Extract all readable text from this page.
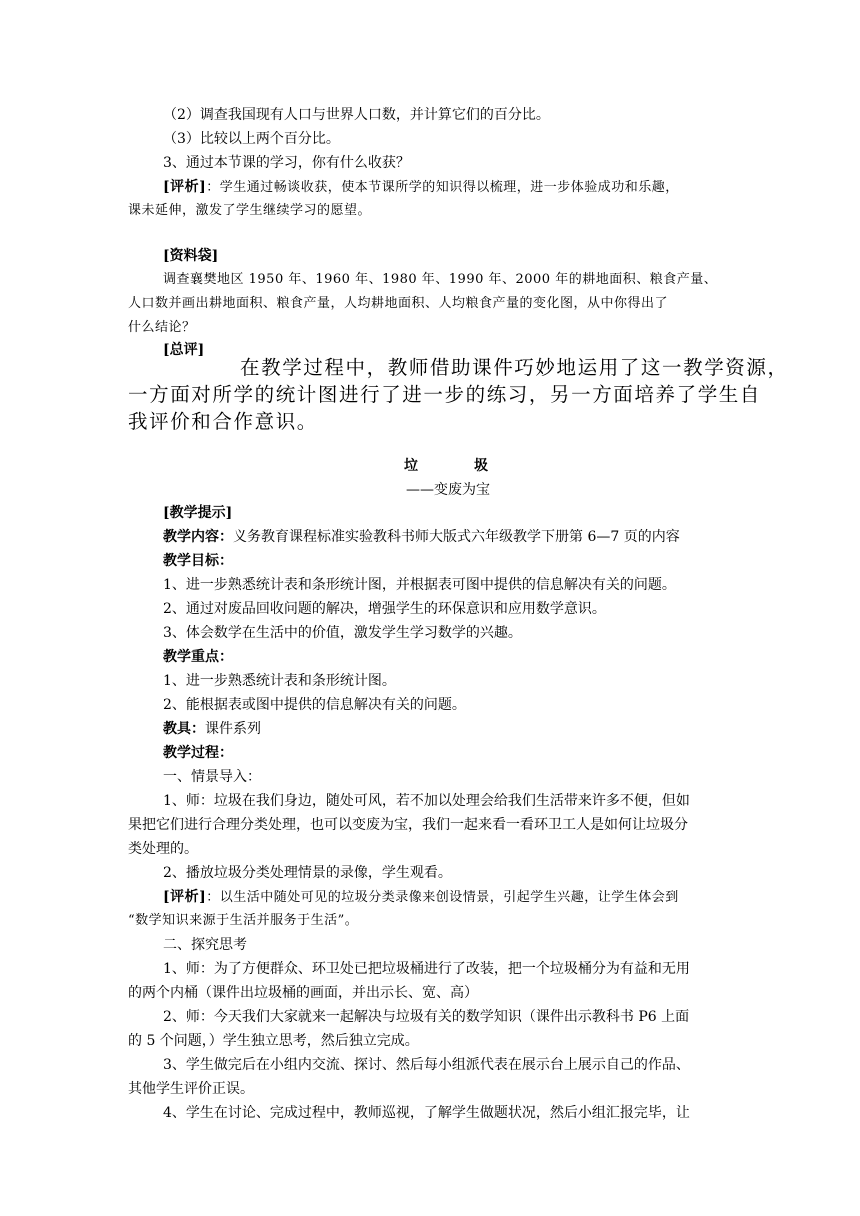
（2）调查我国现有人口与世界人口数，并计算它们的百分比。
（3）比较以上两个百分比。
3、通过本节课的学习，你有什么收获？
[评析]：学生通过畅谈收获，使本节课所学的知识得以梳理，进一步体验成功和乐趣，
课未延伸，激发了学生继续学习的愿望。
[资料袋]
调查襄樊地区 1950 年、1960 年、1980 年、1990 年、2000 年的耕地面积、粮食产量、
人口数并画出耕地面积、粮食产量，人均耕地面积、人均粮食产量的变化图，从中你得出了
什么结论？
[总评]
在教学过程中，教师借助课件巧妙地运用了这一教学资源，
一方面对所学的统计图进行了进一步的练习，另一方面培养了学生自
我评价和合作意识。
垃	圾
——变废为宝
[教学提示]
教学内容：义务教育课程标准实验教科书师大版式六年级教学下册第 6—7 页的内容
教学目标：
1、进一步熟悉统计表和条形统计图，并根据表可图中提供的信息解决有关的问题。
2、通过对废品回收问题的解决，增强学生的环保意识和应用数学意识。
3、体会数学在生活中的价值，激发学生学习数学的兴趣。
教学重点：
1、进一步熟悉统计表和条形统计图。
2、能根据表或图中提供的信息解决有关的问题。
教具：课件系列
教学过程：
一、情景导入：
1、师：垃圾在我们身边，随处可风，若不加以处理会给我们生活带来许多不便，但如
果把它们进行合理分类处理，也可以变废为宝，我们一起来看一看环卫工人是如何让垃圾分
类处理的。
2、播放垃圾分类处理情景的录像，学生观看。
[评析]：以生活中随处可见的垃圾分类录像来创设情景，引起学生兴趣，让学生体会到
“数学知识来源于生活并服务于生活”。
二、探究思考
1、师：为了方便群众、环卫处已把垃圾桶进行了改装，把一个垃圾桶分为有益和无用
的两个内桶（课件出垃圾桶的画面，并出示长、宽、高）
2、师：今天我们大家就来一起解决与垃圾有关的数学知识（课件出示教科书 P6 上面
的 5 个问题，）学生独立思考，然后独立完成。
3、学生做完后在小组内交流、探讨、然后每小组派代表在展示台上展示自己的作品、
其他学生评价正误。
4、学生在讨论、完成过程中，教师巡视，了解学生做题状况，然后小组汇报完毕，让
